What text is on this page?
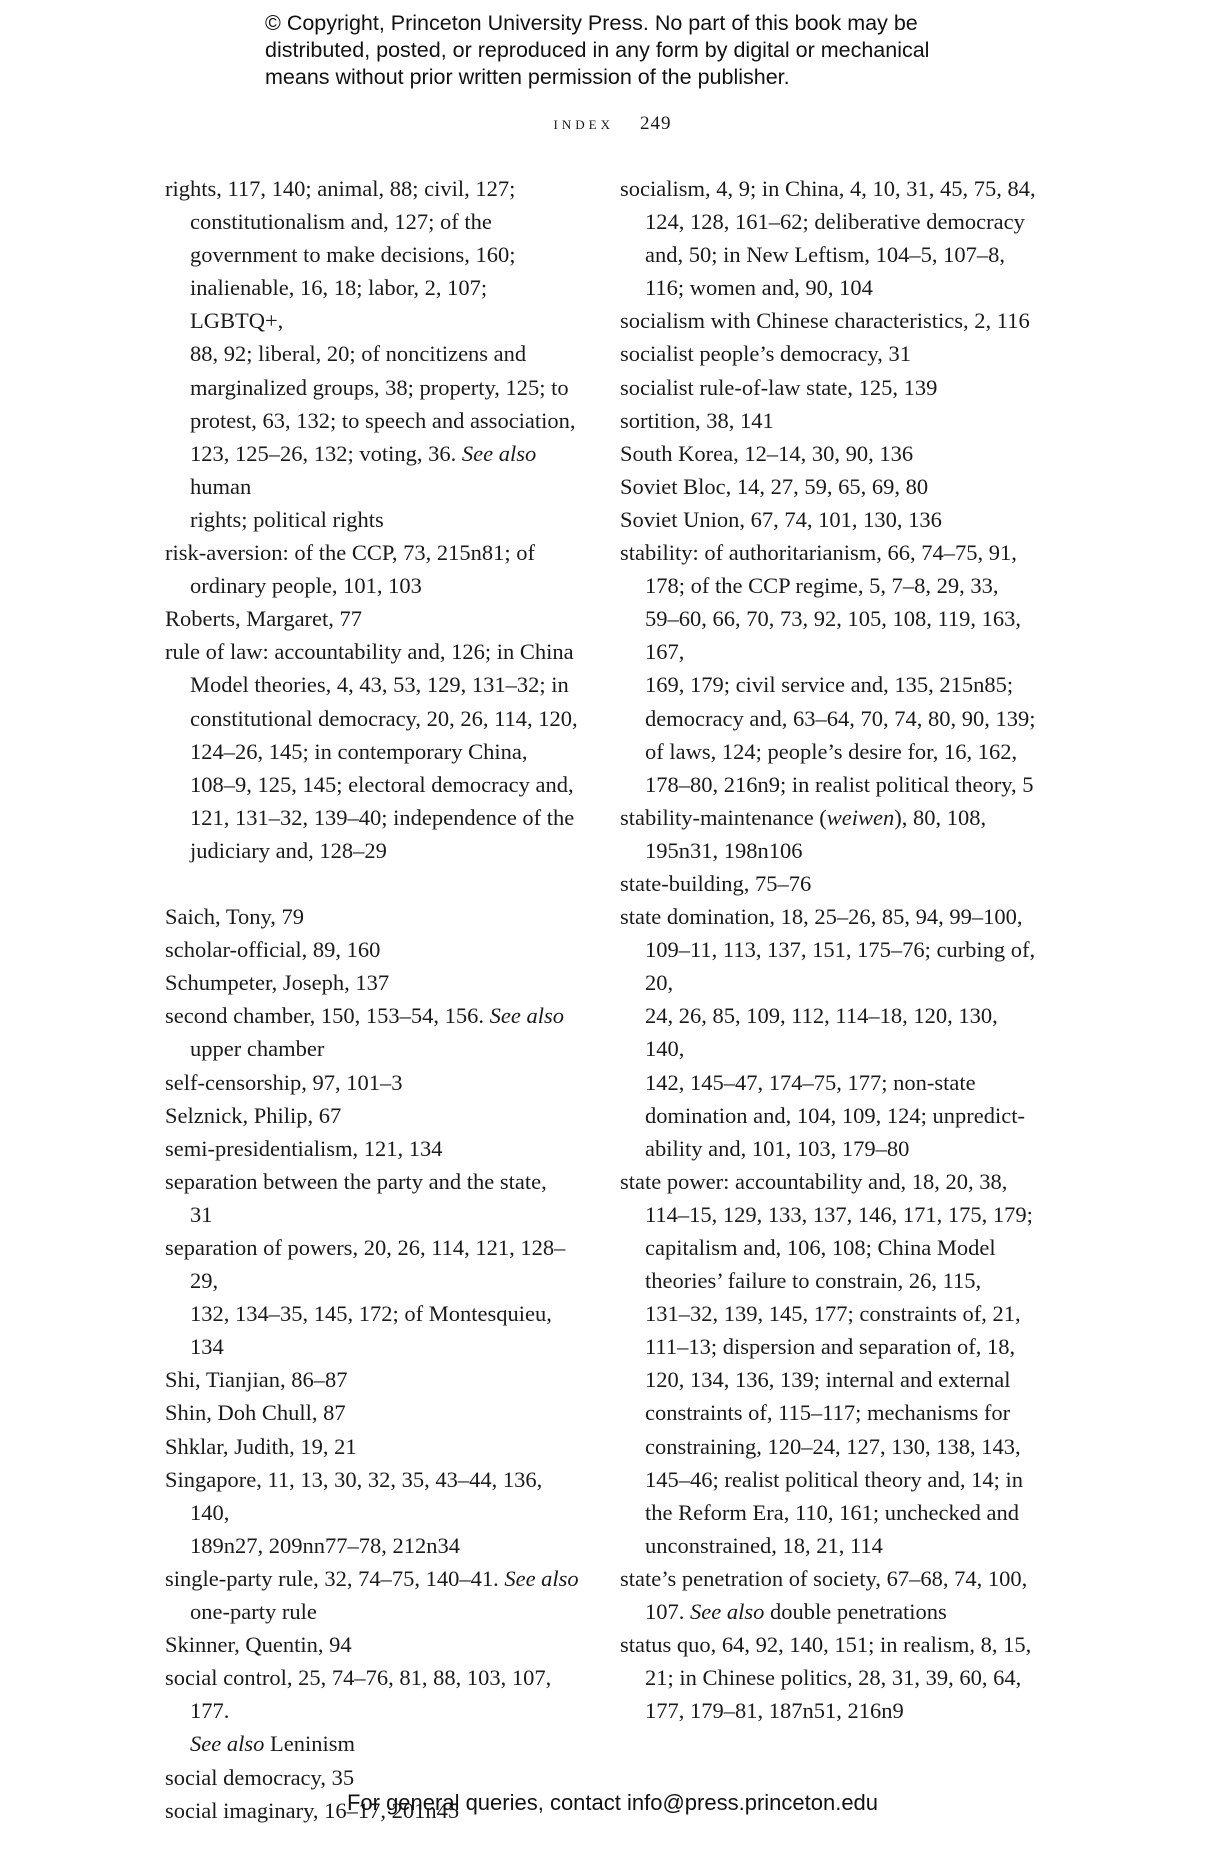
© Copyright, Princeton University Press. No part of this book may be
distributed, posted, or reproduced in any form by digital or mechanical
means without prior written permission of the publisher.
index 249

rights, 117, 140; animal, 88; civil, 127;
constitutionalism and, 127; of the
government to make decisions, 160;
inalienable, 16, 18; labor, 2, 107; LGBTQ+,
88, 92; liberal, 20; of noncitizens and
marginalized groups, 38; property, 125; to
protest, 63, 132; to speech and association,
123, 125–26, 132; voting, 36. See also human
rights; political rights

risk-aversion: of the CCP, 73, 215n81; of
ordinary people, 101, 103

Roberts, Margaret, 77

rule of law: accountability and, 126; in China
Model theories, 4, 43, 53, 129, 131–32; in
constitutional democracy, 20, 26, 114, 120,
124–26, 145; in contemporary China,
108–9, 125, 145; electoral democracy and,
121, 131–32, 139–40; independence of the
judiciary and, 128–29

Saich, Tony, 79

scholar-official, 89, 160

Schumpeter, Joseph, 137

second chamber, 150, 153–54, 156. See also
upper chamber

self-censorship, 97, 101–3

Selznick, Philip, 67

semi-presidentialism, 121, 134

separation between the party and the state,
31

separation of powers, 20, 26, 114, 121, 128–29,
132, 134–35, 145, 172; of Montesquieu, 134

Shi, Tianjian, 86–87

Shin, Doh Chull, 87

Shklar, Judith, 19, 21

Singapore, 11, 13, 30, 32, 35, 43–44, 136, 140,
189n27, 209nn77–78, 212n34

single-party rule, 32, 74–75, 140–41. See also
one-party rule

Skinner, Quentin, 94

social control, 25, 74–76, 81, 88, 103, 107, 177.
See also Leninism

social democracy, 35

social imaginary, 16–17, 201n45

socialism, 4, 9; in China, 4, 10, 31, 45, 75, 84,
124, 128, 161–62; deliberative democracy
and, 50; in New Leftism, 104–5, 107–8,
116; women and, 90, 104

socialism with Chinese characteristics, 2, 116

socialist people’s democracy, 31

socialist rule-of-law state, 125, 139

sortition, 38, 141

South Korea, 12–14, 30, 90, 136

Soviet Bloc, 14, 27, 59, 65, 69, 80

Soviet Union, 67, 74, 101, 130, 136

stability: of authoritarianism, 66, 74–75, 91,
178; of the CCP regime, 5, 7–8, 29, 33,
59–60, 66, 70, 73, 92, 105, 108, 119, 163, 167,
169, 179; civil service and, 135, 215n85;
democracy and, 63–64, 70, 74, 80, 90, 139;
of laws, 124; people’s desire for, 16, 162,
178–80, 216n9; in realist political theory, 5

stability-maintenance (weiwen), 80, 108,
195n31, 198n106

state-building, 75–76

state domination, 18, 25–26, 85, 94, 99–100,
109–11, 113, 137, 151, 175–76; curbing of, 20,
24, 26, 85, 109, 112, 114–18, 120, 130, 140,
142, 145–47, 174–75, 177; non-state
domination and, 104, 109, 124; unpredict-
ability and, 101, 103, 179–80

state power: accountability and, 18, 20, 38,
114–15, 129, 133, 137, 146, 171, 175, 179;
capitalism and, 106, 108; China Model
theories’ failure to constrain, 26, 115,
131–32, 139, 145, 177; constraints of, 21,
111–13; dispersion and separation of, 18,
120, 134, 136, 139; internal and external
constraints of, 115–117; mechanisms for
constraining, 120–24, 127, 130, 138, 143,
145–46; realist political theory and, 14; in
the Reform Era, 110, 161; unchecked and
unconstrained, 18, 21, 114

state’s penetration of society, 67–68, 74, 100,
107. See also double penetrations

status quo, 64, 92, 140, 151; in realism, 8, 15,
21; in Chinese politics, 28, 31, 39, 60, 64,
177, 179–81, 187n51, 216n9

For general queries, contact info@press.princeton.edu
